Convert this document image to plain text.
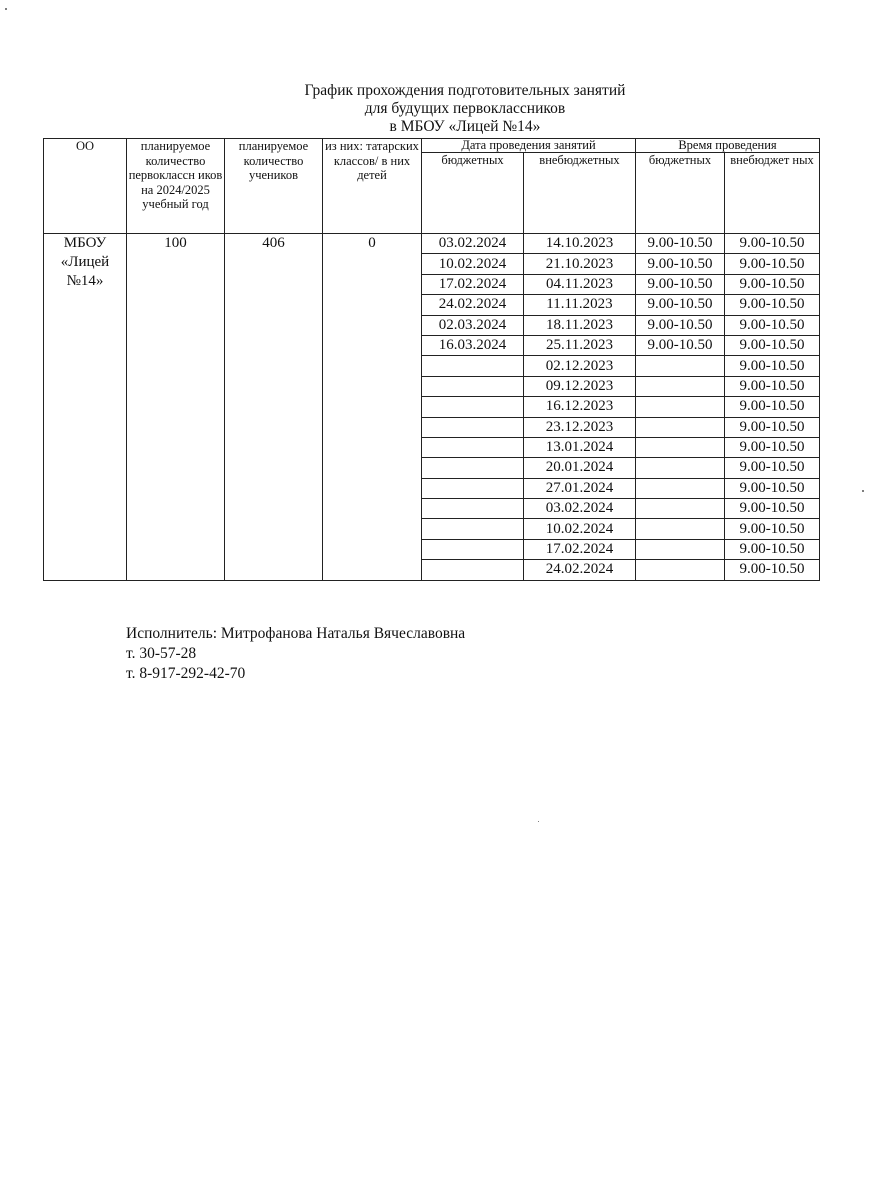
График прохождения подготовительных занятий
для будущих первоклассников
в МБОУ «Лицей №14»
ОО	планируемое количество первоклассн иков на 2024/2025 учебный год	планируемое количество учеников	из них: татарских классов/ в них детей	Дата проведения занятий		Время проведения	
				бюджетных	внебюджетных	бюджетных	внебюджет ных
МБОУ «Лицей №14»	100	406	0	03.02.2024	14.10.2023	9.00-10.50	9.00-10.50
				10.02.2024	21.10.2023	9.00-10.50	9.00-10.50
				17.02.2024	04.11.2023	9.00-10.50	9.00-10.50
				24.02.2024	11.11.2023	9.00-10.50	9.00-10.50
				02.03.2024	18.11.2023	9.00-10.50	9.00-10.50
				16.03.2024	25.11.2023	9.00-10.50	9.00-10.50
					02.12.2023		9.00-10.50
					09.12.2023		9.00-10.50
					16.12.2023		9.00-10.50
					23.12.2023		9.00-10.50
					13.01.2024		9.00-10.50
					20.01.2024		9.00-10.50
					27.01.2024		9.00-10.50
					03.02.2024		9.00-10.50
					10.02.2024		9.00-10.50
					17.02.2024		9.00-10.50
					24.02.2024		9.00-10.50
Исполнитель: Митрофанова Наталья Вячеславовна
т. 30-57-28
т. 8-917-292-42-70
